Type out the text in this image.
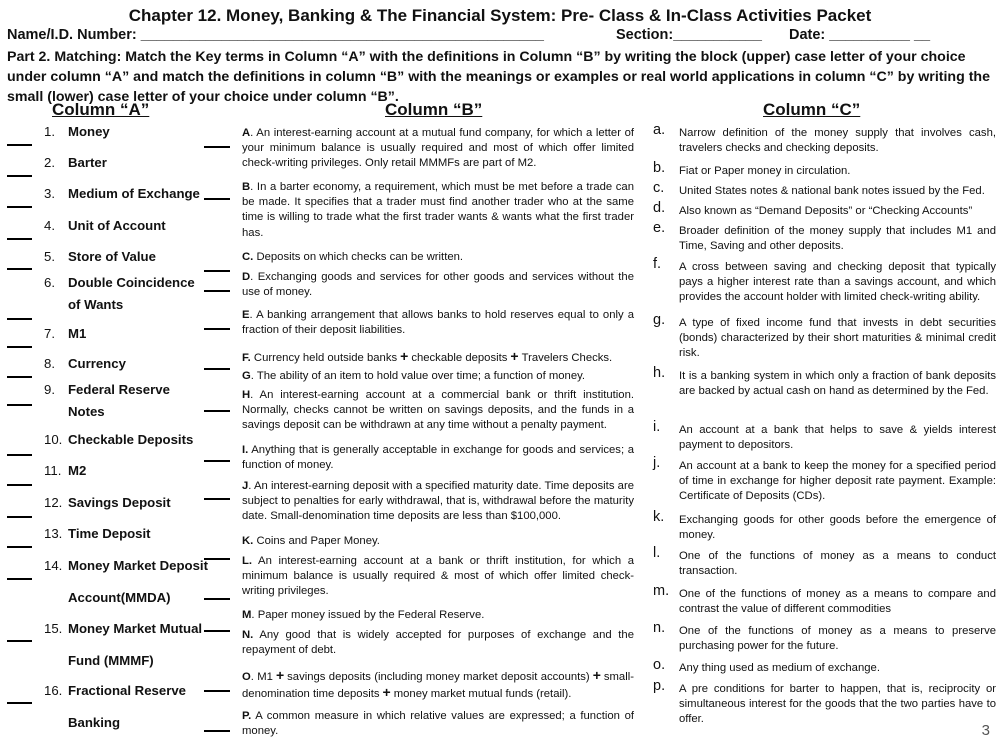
Chapter 12. Money, Banking & The Financial System: Pre- Class & In-Class Activities Packet
Name/I.D. Number: __________________________________________________	Section:___________ Date: __________ __
Part 2. Matching: Match the Key terms in Column “A” with the definitions in Column “B” by writing the block (upper) case letter of your choice under column “A” and match the definitions in column “B” with the meanings or examples or real world applications in column “C” by writing the small (lower) case letter of your choice under column “B”.
Column “A”	Column “B”	Column “C”
1. Money
2. Barter
3. Medium of Exchange
4. Unit of Account
5. Store of Value
6. Double Coincidence
of Wants
7. M1
8. Currency
9. Federal Reserve
Notes
10. Checkable Deposits
11. M2
12. Savings Deposit
13. Time Deposit
14. Money Market Deposit
Account(MMDA)
15. Money Market Mutual
Fund (MMMF)
16. Fractional Reserve
Banking
A. An interest-earning account at a mutual fund company, for which a letter of your minimum balance is usually required and most of which offer limited check-writing privileges. Only retail MMMFs are part of M2.
B. In a barter economy, a requirement, which must be met before a trade can be made. It specifies that a trader must find another trader who at the same time is willing to trade what the first trader wants & wants what the first trader has.
C. Deposits on which checks can be written.
D. Exchanging goods and services for other goods and services without the use of money.
E. A banking arrangement that allows banks to hold reserves equal to only a fraction of their deposit liabilities.
F. Currency held outside banks + checkable deposits + Travelers Checks.
G. The ability of an item to hold value over time; a function of money.
H. An interest-earning account at a commercial bank or thrift institution. Normally, checks cannot be written on savings deposits, and the funds in a savings deposit can be withdrawn at any time without a penalty payment.
I. Anything that is generally acceptable in exchange for goods and services; a function of money.
J. An interest-earning deposit with a specified maturity date. Time deposits are subject to penalties for early withdrawal, that is, withdrawal before the maturity date. Small-denomination time deposits are less than $100,000.
K. Coins and Paper Money.
L. An interest-earning account at a bank or thrift institution, for which a minimum balance is usually required & most of which offer limited check-writing privileges.
M. Paper money issued by the Federal Reserve.
N. Any good that is widely accepted for purposes of exchange and the repayment of debt.
O. M1 + savings deposits (including money market deposit accounts) + small-denomination time deposits + money market mutual funds (retail).
P. A common measure in which relative values are expressed; a function of money.
a. Narrow definition of the money supply that involves cash, travelers checks and checking deposits.
b. Fiat or Paper money in circulation.
c. United States notes & national bank notes issued by the Fed.
d. Also known as “Demand Deposits” or “Checking Accounts”
e. Broader definition of the money supply that includes M1 and Time, Saving and other deposits.
f. A cross between saving and checking deposit that typically pays a higher interest rate than a savings account, and which provides the account holder with limited check-writing ability.
g. A type of fixed income fund that invests in debt securities (bonds) characterized by their short maturities & minimal credit risk.
h. It is a banking system in which only a fraction of bank deposits are backed by actual cash on hand as determined by the Fed.
i. An account at a bank that helps to save & yields interest payment to depositors.
j. An account at a bank to keep the money for a specified period of time in exchange for higher deposit rate payment. Example: Certificate of Deposits (CDs).
k. Exchanging goods for other goods before the emergence of money.
l. One of the functions of money as a means to conduct transaction.
m. One of the functions of money as a means to compare and contrast the value of different commodities
n. One of the functions of money as a means to preserve purchasing power for the future.
o. Any thing used as medium of exchange.
p. A pre conditions for barter to happen, that is, reciprocity or simultaneous interest for the goods that the two parties have to offer.
3
